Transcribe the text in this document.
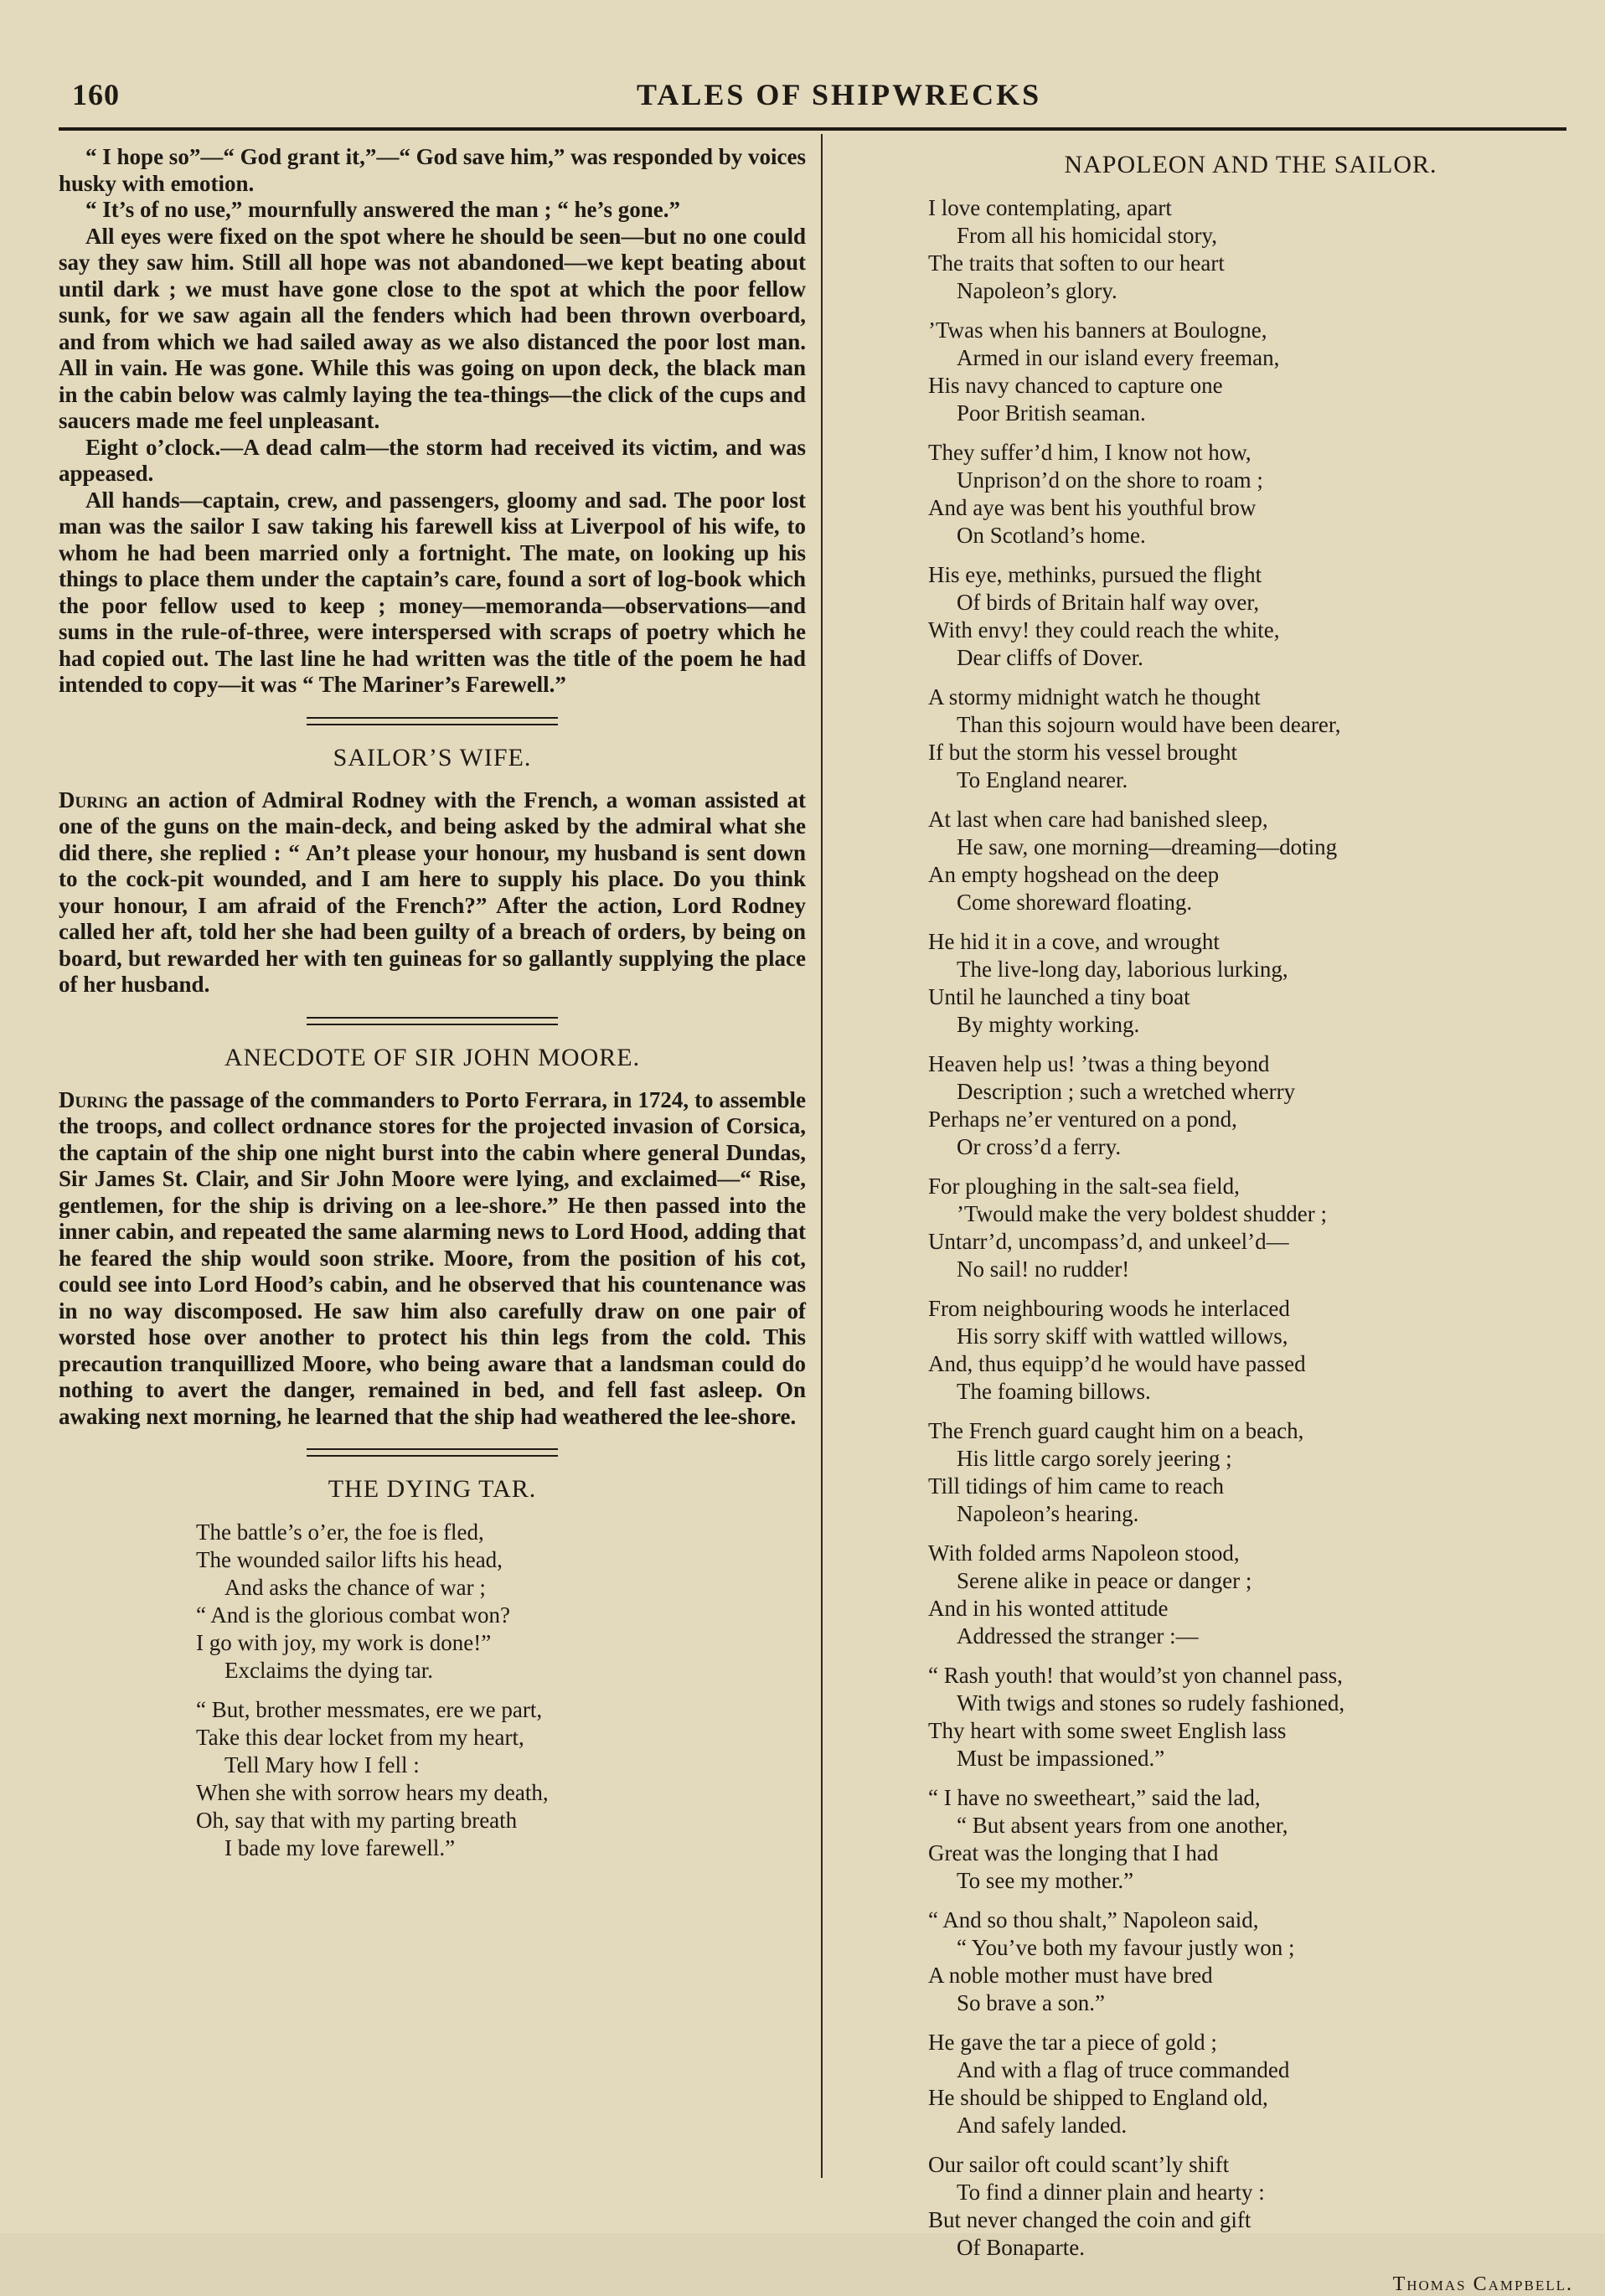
160	TALES OF SHIPWRECKS

“ I hope so”—“ God grant it,”—“ God save him,” was responded by voices husky with emotion.

“ It’s of no use,” mournfully answered the man ; “ he’s gone.”

All eyes were fixed on the spot where he should be seen—but no one could say they saw him. Still all hope was not abandoned—we kept beating about until dark ; we must have gone close to the spot at which the poor fellow sunk, for we saw again all the fenders which had been thrown overboard, and from which we had sailed away as we also distanced the poor lost man. All in vain. He was gone. While this was going on upon deck, the black man in the cabin below was calmly laying the tea-things—the click of the cups and saucers made me feel unpleasant.

Eight o’clock.—A dead calm—the storm had received its victim, and was appeased.

All hands—captain, crew, and passengers, gloomy and sad. The poor lost man was the sailor I saw taking his farewell kiss at Liverpool of his wife, to whom he had been married only a fortnight. The mate, on looking up his things to place them under the captain’s care, found a sort of log-book which the poor fellow used to keep ; money—memoranda—observations—and sums in the rule-of-three, were interspersed with scraps of poetry which he had copied out. The last line he had written was the title of the poem he had intended to copy—it was “ The Mariner’s Farewell.”

SAILOR’S WIFE.

During an action of Admiral Rodney with the French, a woman assisted at one of the guns on the main-deck, and being asked by the admiral what she did there, she replied : “ An’t please your honour, my husband is sent down to the cock-pit wounded, and I am here to supply his place. Do you think your honour, I am afraid of the French?” After the action, Lord Rodney called her aft, told her she had been guilty of a breach of orders, by being on board, but rewarded her with ten guineas for so gallantly supplying the place of her husband.

ANECDOTE OF SIR JOHN MOORE.

During the passage of the commanders to Porto Ferrara, in 1724, to assemble the troops, and collect ordnance stores for the projected invasion of Corsica, the captain of the ship one night burst into the cabin where general Dundas, Sir James St. Clair, and Sir John Moore were lying, and exclaimed—“ Rise, gentlemen, for the ship is driving on a lee-shore.” He then passed into the inner cabin, and repeated the same alarming news to Lord Hood, adding that he feared the ship would soon strike. Moore, from the position of his cot, could see into Lord Hood’s cabin, and he observed that his countenance was in no way discomposed. He saw him also carefully draw on one pair of worsted hose over another to protect his thin legs from the cold. This precaution tranquillized Moore, who being aware that a landsman could do nothing to avert the danger, remained in bed, and fell fast asleep. On awaking next morning, he learned that the ship had weathered the lee-shore.

THE DYING TAR.
The battle’s o’er, the foe is fled,
The wounded sailor lifts his head,
And asks the chance of war ;
“ And is the glorious combat won?
I go with joy, my work is done!”
Exclaims the dying tar.
“ But, brother messmates, ere we part,
Take this dear locket from my heart,
Tell Mary how I fell :
When she with sorrow hears my death,
Oh, say that with my parting breath
I bade my love farewell.”
NAPOLEON AND THE SAILOR.
I love contemplating, apart
From all his homicidal story,
The traits that soften to our heart
Napoleon’s glory.
’Twas when his banners at Boulogne,
Armed in our island every freeman,
His navy chanced to capture one
Poor British seaman.
They suffer’d him, I know not how,
Unprison’d on the shore to roam ;
And aye was bent his youthful brow
On Scotland’s home.
His eye, methinks, pursued the flight
Of birds of Britain half way over,
With envy! they could reach the white,
Dear cliffs of Dover.
A stormy midnight watch he thought
Than this sojourn would have been dearer,
If but the storm his vessel brought
To England nearer.
At last when care had banished sleep,
He saw, one morning—dreaming—doting
An empty hogshead on the deep
Come shoreward floating.
He hid it in a cove, and wrought
The live-long day, laborious lurking,
Until he launched a tiny boat
By mighty working.
Heaven help us! ’twas a thing beyond
Description ; such a wretched wherry
Perhaps ne’er ventured on a pond,
Or cross’d a ferry.
For ploughing in the salt-sea field,
’Twould make the very boldest shudder ;
Untarr’d, uncompass’d, and unkeel’d—
No sail! no rudder!
From neighbouring woods he interlaced
His sorry skiff with wattled willows,
And, thus equipp’d he would have passed
The foaming billows.
The French guard caught him on a beach,
His little cargo sorely jeering ;
Till tidings of him came to reach
Napoleon’s hearing.
With folded arms Napoleon stood,
Serene alike in peace or danger ;
And in his wonted attitude
Addressed the stranger :—
“ Rash youth! that would’st yon channel pass,
With twigs and stones so rudely fashioned,
Thy heart with some sweet English lass
Must be impassioned.”
“ I have no sweetheart,” said the lad,
“ But absent years from one another,
Great was the longing that I had
To see my mother.”
“ And so thou shalt,” Napoleon said,
“ You’ve both my favour justly won ;
A noble mother must have bred
So brave a son.”
He gave the tar a piece of gold ;
And with a flag of truce commanded
He should be shipped to England old,
And safely landed.
Our sailor oft could scant’ly shift
To find a dinner plain and hearty :
But never changed the coin and gift
Of Bonaparte.
Thomas Campbell.
